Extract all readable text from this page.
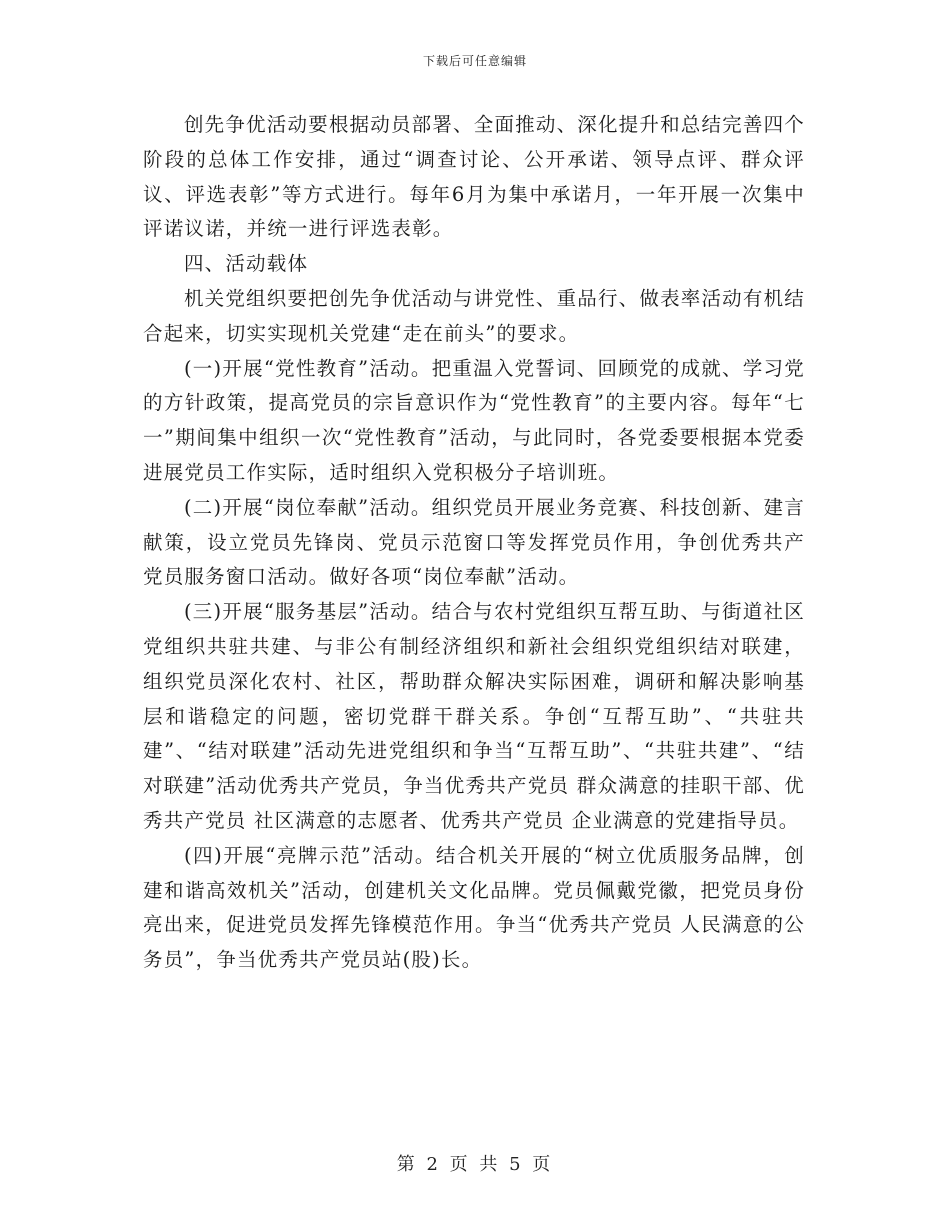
下载后可任意编辑

创先争优活动要根据动员部署、全面推动、深化提升和总结完善四个阶段的总体工作安排，通过“调查讨论、公开承诺、领导点评、群众评议、评选表彰”等方式进行。每年6月为集中承诺月，一年开展一次集中评诺议诺，并统一进行评选表彰。

四、活动载体

机关党组织要把创先争优活动与讲党性、重品行、做表率活动有机结合起来，切实实现机关党建“走在前头”的要求。

(一)开展“党性教育”活动。把重温入党誓词、回顾党的成就、学习党的方针政策，提高党员的宗旨意识作为“党性教育”的主要内容。每年“七一”期间集中组织一次“党性教育”活动，与此同时，各党委要根据本党委进展党员工作实际，适时组织入党积极分子培训班。

(二)开展“岗位奉献”活动。组织党员开展业务竞赛、科技创新、建言献策，设立党员先锋岗、党员示范窗口等发挥党员作用，争创优秀共产党员服务窗口活动。做好各项“岗位奉献”活动。

(三)开展“服务基层”活动。结合与农村党组织互帮互助、与街道社区党组织共驻共建、与非公有制经济组织和新社会组织党组织结对联建，组织党员深化农村、社区，帮助群众解决实际困难，调研和解决影响基层和谐稳定的问题，密切党群干群关系。争创“互帮互助”、“共驻共建”、“结对联建”活动先进党组织和争当“互帮互助”、“共驻共建”、“结对联建”活动优秀共产党员，争当优秀共产党员 群众满意的挂职干部、优秀共产党员 社区满意的志愿者、优秀共产党员 企业满意的党建指导员。

(四)开展“亮牌示范”活动。结合机关开展的“树立优质服务品牌，创建和谐高效机关”活动，创建机关文化品牌。党员佩戴党徽，把党员身份亮出来，促进党员发挥先锋模范作用。争当“优秀共产党员 人民满意的公务员”，争当优秀共产党员站(股)长。

第 2 页 共 5 页
